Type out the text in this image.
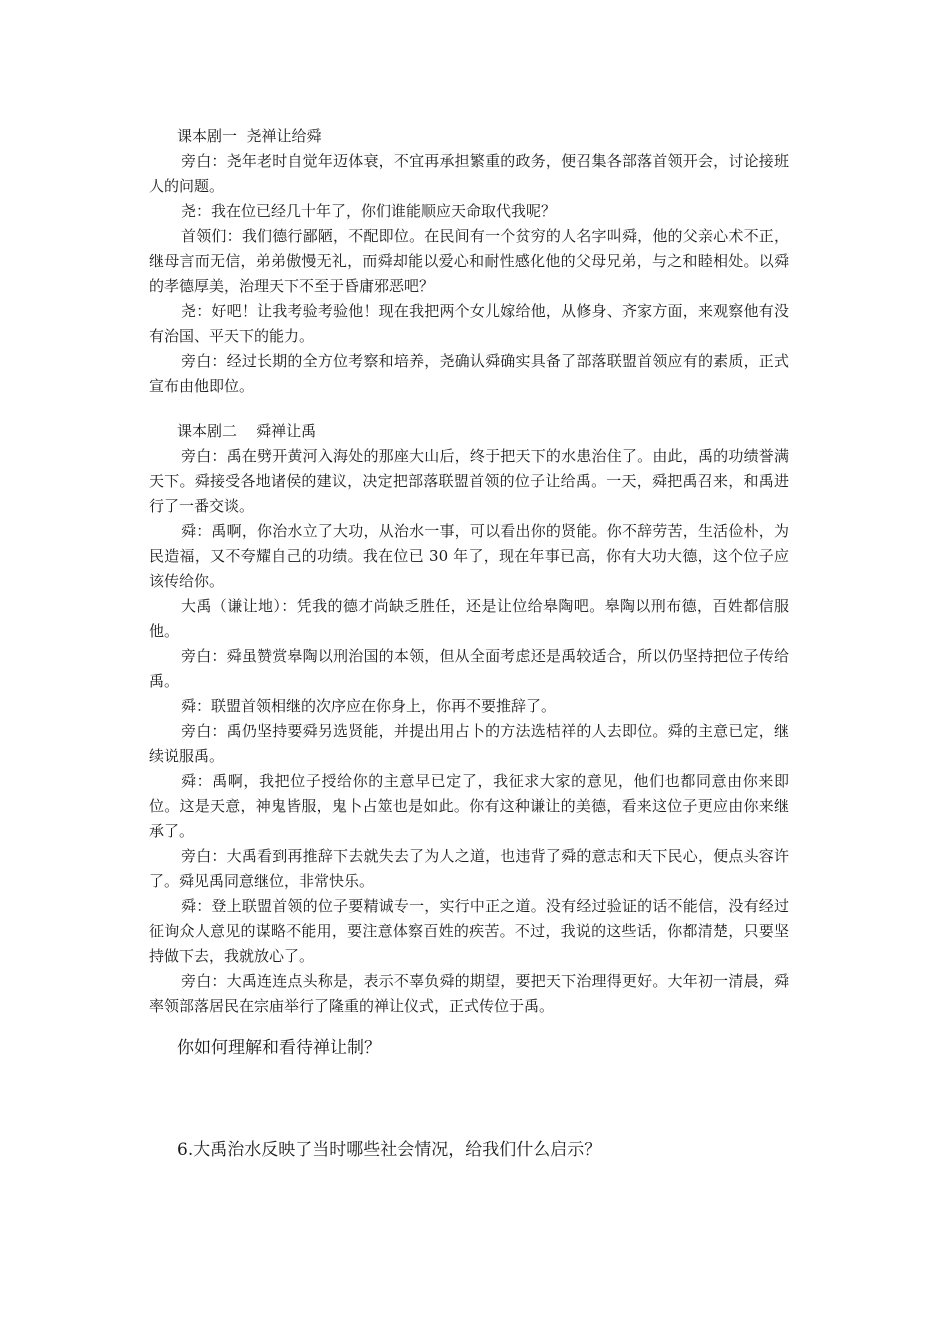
课本剧一  尧禅让给舜

旁白：尧年老时自觉年迈体衰，不宜再承担繁重的政务，便召集各部落首领开会，讨论接班人的问题。

尧：我在位已经几十年了，你们谁能顺应天命取代我呢？

首领们：我们德行鄙陋，不配即位。在民间有一个贫穷的人名字叫舜，他的父亲心术不正，继母言而无信，弟弟傲慢无礼，而舜却能以爱心和耐性感化他的父母兄弟，与之和睦相处。以舜的孝德厚美，治理天下不至于昏庸邪恶吧？

尧：好吧！让我考验考验他！现在我把两个女儿嫁给他，从修身、齐家方面，来观察他有没有治国、平天下的能力。

旁白：经过长期的全方位考察和培养，尧确认舜确实具备了部落联盟首领应有的素质，正式宣布由他即位。

课本剧二    舜禅让禹

旁白：禹在劈开黄河入海处的那座大山后，终于把天下的水患治住了。由此，禹的功绩誉满天下。舜接受各地诸侯的建议，决定把部落联盟首领的位子让给禹。一天，舜把禹召来，和禹进行了一番交谈。

舜：禹啊，你治水立了大功，从治水一事，可以看出你的贤能。你不辞劳苦，生活俭朴，为民造福，又不夸耀自己的功绩。我在位已 30 年了，现在年事已高，你有大功大德，这个位子应该传给你。

大禹（谦让地）：凭我的德才尚缺乏胜任，还是让位给皋陶吧。皋陶以刑布德，百姓都信服他。

旁白：舜虽赞赏皋陶以刑治国的本领，但从全面考虑还是禹较适合，所以仍坚持把位子传给禹。

舜：联盟首领相继的次序应在你身上，你再不要推辞了。

旁白：禹仍坚持要舜另选贤能，并提出用占卜的方法选桔祥的人去即位。舜的主意已定，继续说服禹。

舜：禹啊，我把位子授给你的主意早已定了，我征求大家的意见，他们也都同意由你来即位。这是天意，神鬼皆服，鬼卜占筮也是如此。你有这种谦让的美德，看来这位子更应由你来继承了。

旁白：大禹看到再推辞下去就失去了为人之道，也违背了舜的意志和天下民心，便点头容许了。舜见禹同意继位，非常快乐。

舜：登上联盟首领的位子要精诚专一，实行中正之道。没有经过验证的话不能信，没有经过征询众人意见的谋略不能用，要注意体察百姓的疾苦。不过，我说的这些话，你都清楚，只要坚持做下去，我就放心了。

旁白：大禹连连点头称是，表示不辜负舜的期望，要把天下治理得更好。大年初一清晨，舜率领部落居民在宗庙举行了隆重的禅让仪式，正式传位于禹。

你如何理解和看待禅让制？

6.大禹治水反映了当时哪些社会情况，给我们什么启示？
